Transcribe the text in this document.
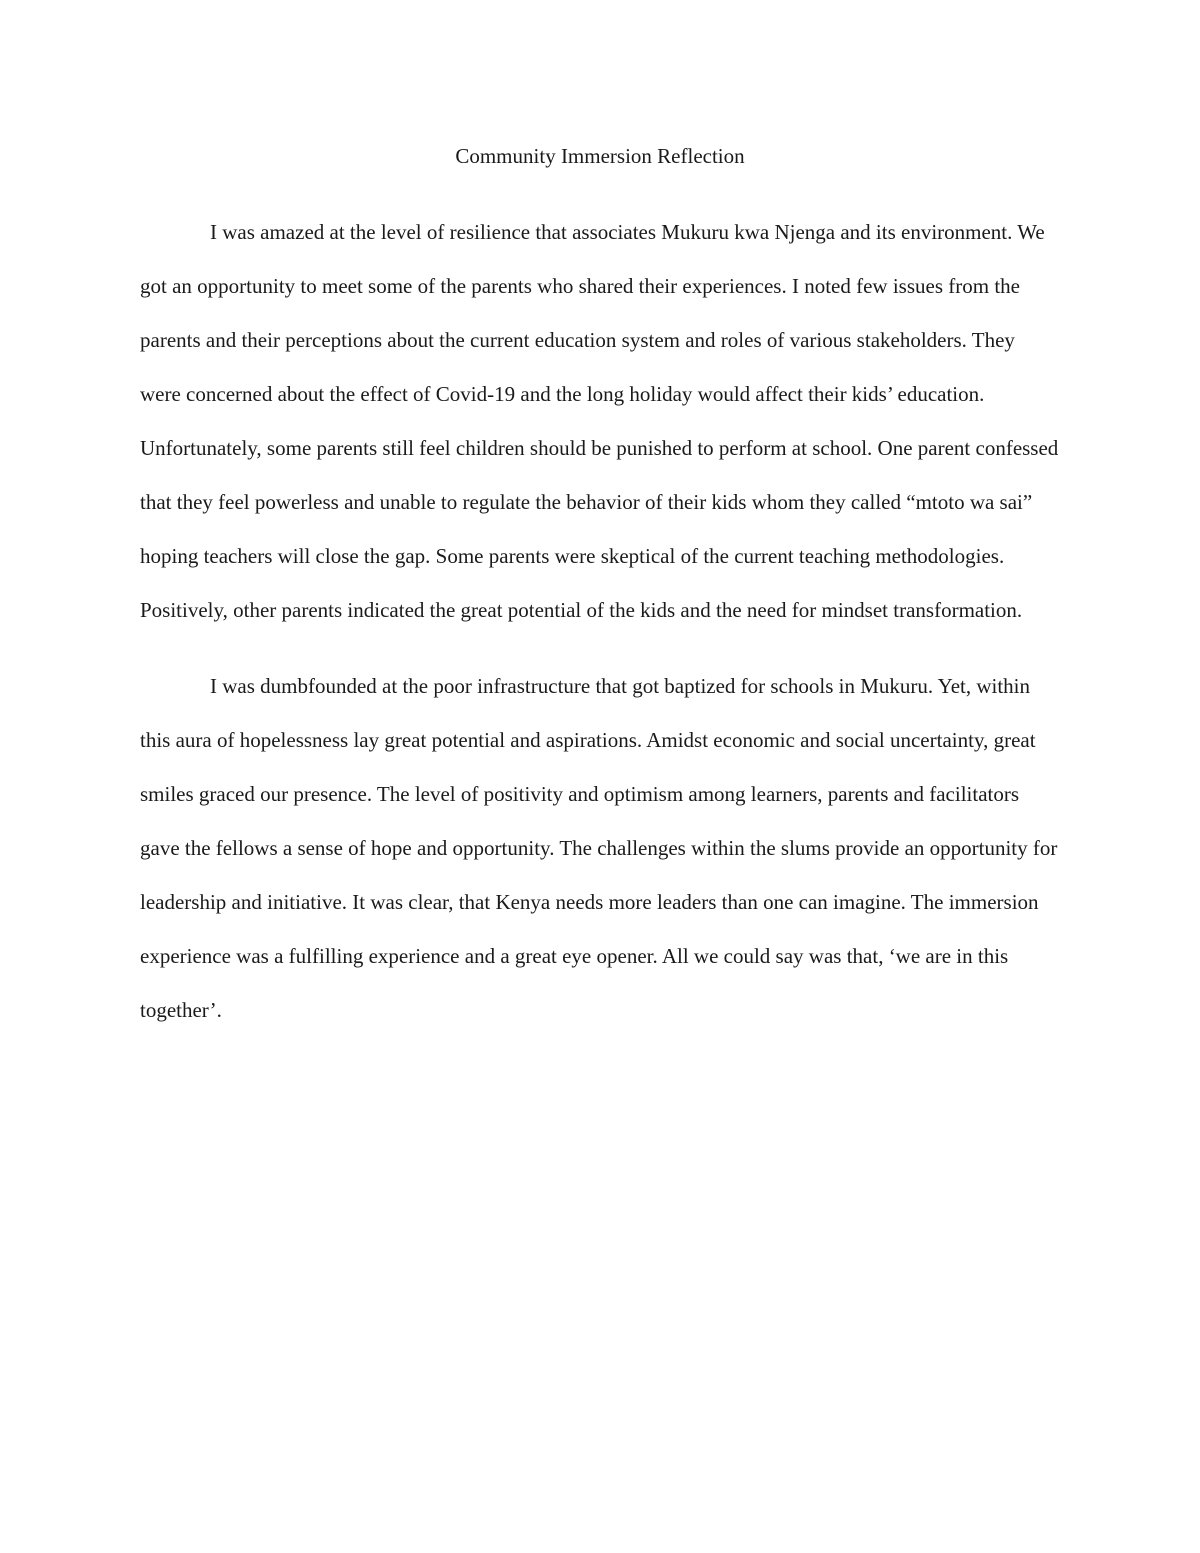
Community Immersion Reflection

I was amazed at the level of resilience that associates Mukuru kwa Njenga and its environment. We got an opportunity to meet some of the parents who shared their experiences. I noted few issues from the parents and their perceptions about the current education system and roles of various stakeholders. They were concerned about the effect of Covid-19 and the long holiday would affect their kids’ education. Unfortunately, some parents still feel children should be punished to perform at school. One parent confessed that they feel powerless and unable to regulate the behavior of their kids whom they called “mtoto wa sai” hoping teachers will close the gap. Some parents were skeptical of the current teaching methodologies. Positively, other parents indicated the great potential of the kids and the need for mindset transformation.

I was dumbfounded at the poor infrastructure that got baptized for schools in Mukuru. Yet, within this aura of hopelessness lay great potential and aspirations. Amidst economic and social uncertainty, great smiles graced our presence. The level of positivity and optimism among learners, parents and facilitators gave the fellows a sense of hope and opportunity. The challenges within the slums provide an opportunity for leadership and initiative. It was clear, that Kenya needs more leaders than one can imagine. The immersion experience was a fulfilling experience and a great eye opener. All we could say was that, ‘we are in this together’.
